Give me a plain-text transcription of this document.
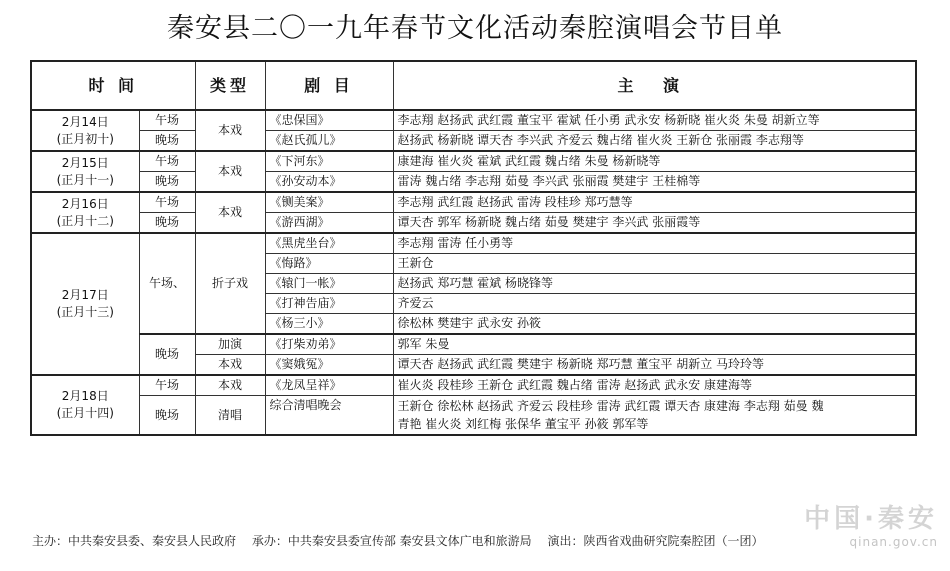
秦安县二〇一九年春节文化活动秦腔演唱会节目单
时 间		类型	剧 目	主 演
2月14日
(正月初十)	午场	本戏	《忠保国》	李志翔 赵扬武 武红霞 董宝平 霍斌 任小勇 武永安 杨新晓 崔火炎 朱曼 胡新立等
	晚场		《赵氏孤儿》	赵扬武 杨新晓 谭天杏 李兴武 齐爱云 魏占绪 崔火炎 王新仓 张丽霞 李志翔等
2月15日
(正月十一)	午场	本戏	《下河东》	康建海 崔火炎 霍斌 武红霞 魏占绪 朱曼 杨新晓等
	晚场		《孙安动本》	雷涛 魏占绪 李志翔 茹曼 李兴武 张丽霞 樊建宇 王桂棉等
2月16日
(正月十二)	午场	本戏	《铡美案》	李志翔 武红霞 赵扬武 雷涛 段桂珍 郑巧慧等
	晚场		《游西湖》	谭天杏 郭军 杨新晓 魏占绪 茹曼 樊建宇 李兴武 张丽霞等
2月17日
(正月十三)	午场、	折子戏	《黑虎坐台》	李志翔 雷涛 任小勇等
			《悔路》	王新仓
			《辕门一帐》	赵扬武 郑巧慧 霍斌 杨晓锋等
			《打神告庙》	齐爱云
			《杨三小》	徐松林 樊建宇 武永安 孙筱
	晚场	加演	《打柴劝弟》	郭军 朱曼
		本戏	《窦娥冤》	谭天杏 赵扬武 武红霞 樊建宇 杨新晓 郑巧慧 董宝平 胡新立 马玲玲等
2月18日
(正月十四)	午场	本戏	《龙凤呈祥》	崔火炎 段桂珍 王新仓 武红霞 魏占绪 雷涛 赵扬武 武永安 康建海等
	晚场	清唱	综合清唱晚会	王新仓 徐松林 赵扬武 齐爱云 段桂珍 雷涛 武红霞 谭天杏 康建海 李志翔 茹曼 魏
青艳 崔火炎 刘红梅 张保华 董宝平 孙筱 郭军等
主办：中共秦安县委、秦安县人民政府 承办：中共秦安县委宣传部 秦安县文体广电和旅游局 演出：陕西省戏曲研究院秦腔团（一团）
中国·秦安
qinan.gov.cn
